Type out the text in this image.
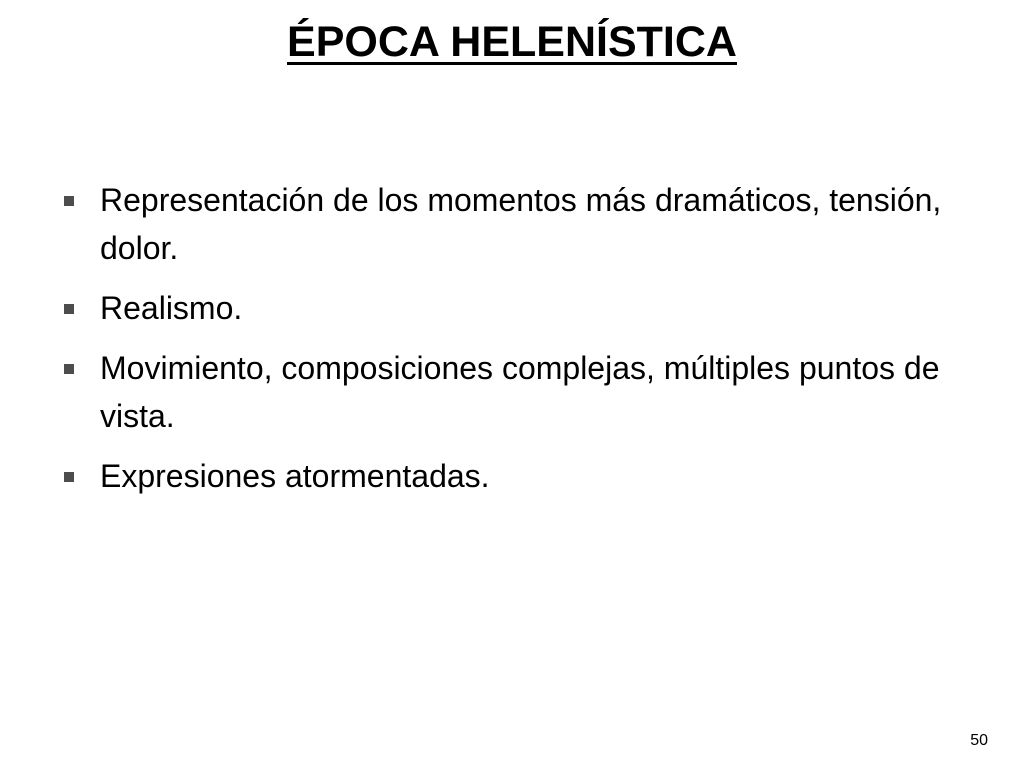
ÉPOCA HELENÍSTICA
Representación de los momentos más dramáticos, tensión, dolor.
Realismo.
Movimiento, composiciones complejas, múltiples puntos de vista.
Expresiones atormentadas.
50
